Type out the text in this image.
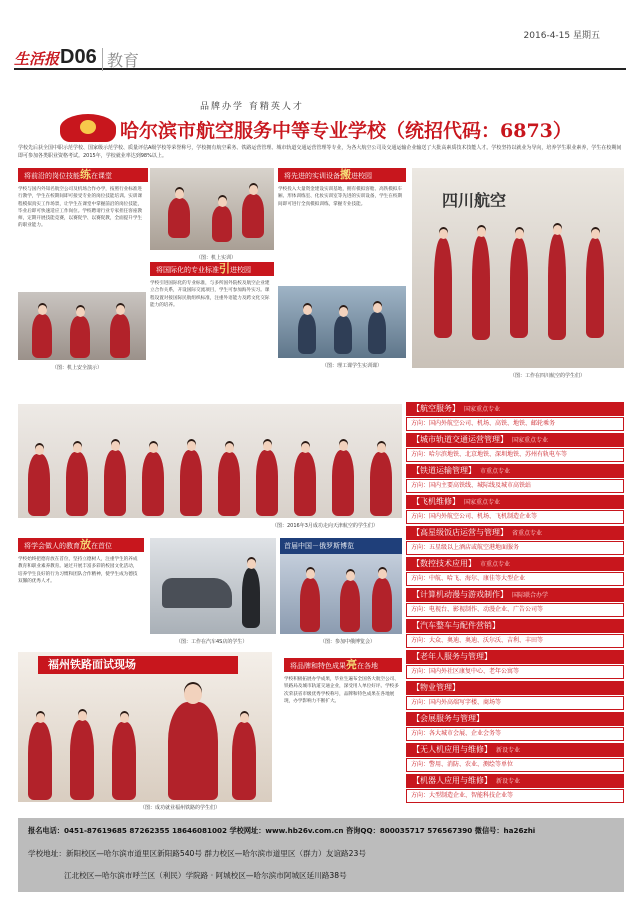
2016-4-15 星期五
生活报 D06 教育
品牌办学 育精英人才
哈尔滨市航空服务中等专业学校（统招代码：6873）
学校先后获全国中职示范学校、国家级示范学校、质量评估A级学校等荣誉称号，学校拥有航空乘务、铁路运营管理、城市轨道交通运营管理等专业，为各大航空公司及交通运输企业输送了大批高素质技术技能人才。学校坚持以就业为导向，培养学生职业素养，学生在校期间即可参加各类职业资格考试。2015年，学校就业率达到98%以上。
将前沿的岗位技能练在课堂
学校与国内外知名航空公司及机场合作办学，按照行业标准进行教学，学生在校期间即可接受专业的岗位技能培训。实训课程模拟真实工作场景，让学生在课堂中掌握前沿的岗位技能，毕业后即可快速适应工作岗位。学校聘请行业专家担任客座教师，定期开展技能竞赛，以赛促学、以赛促教，全面提升学生的职业能力。
（图：机上实训）
（图：机上安全演示）
将国际化的专业标准引进校园
学校引进国际化的专业标准，与多所国外院校及航空企业建立合作关系，开设国际交流项目，学生可参加海外实习。课程设置对接国际民航组织标准，注重外语能力及跨文化交际能力的培养。
将先进的实训设备搬进校园
学校投入大量资金建设实训基地，拥有模拟客舱、高铁模拟车厢、形体训练室、化妆实训室等先进的实训设备，学生在校期间即可进行全真模拟训练，掌握专业技能。
（图：理工课学生实训课）
四川航空
（图：工作在四川航空的学生们）
（图：2016年3月成功走向天津航空的学生们）
将学会做人的教育放在首位
学校始终把德育放在首位，坚持立德树人，注重学生的养成教育和职业素养教育。通过开展丰富多彩的校园文化活动，培养学生良好的行为习惯和团队合作精神，使学生成为德技双馨的优秀人才。
（图：工作在汽车4S店的学生）
首届中国－俄罗斯博览
（图：参加中俄博览会）
福州铁路面试现场
（图：成功就业福州铁路的学生们）
将品牌和特色成果亮在各地
学校积极拓展办学成果，毕业生遍布全国各大航空公司、铁路局及城市轨道交通企业，深受用人单位好评。学校多次荣获省市级优秀学校称号，品牌和特色成果在各地展现，办学影响力不断扩大。
【航空服务】 国家重点专业
方向：国内外航空公司、机场、高铁、地铁、邮轮乘务
【城市轨道交通运营管理】 国家重点专业
方向：哈尔滨地铁、北京地铁、深圳地铁、苏州有轨电车等
【铁道运输管理】 市重点专业
方向：国内主要高铁线、城际线及城市高铁站
【飞机维修】 国家重点专业
方向：国内外航空公司、机场、飞机制造企业等
【高星级饭店运营与管理】 省重点专业
方向：五星级以上酒店或航空港地面服务
【数控技术应用】 市重点专业
方向：中航、哈飞、海尔、康佳等大型企业
【计算机动漫与游戏制作】 国际联合办学
方向：电视台、影视制作、动漫企业、广告公司等
【汽车整车与配件营销】
方向：大众、奥迪、奥迪、沃尔沃、吉利、丰田等
【老年人服务与管理】
方向：国内外社区康复中心、老年公寓等
【物业管理】
方向：国内外高端写字楼、商场等
【会展服务与管理】
方向：各大城市会展、企业会务等
【无人机应用与维修】 新设专业
方向：警用、消防、农业、测绘等单位
【机器人应用与维修】 新设专业
方向：大型制造企业、智能科技企业等
报名电话：0451-87619685 87262355 18646081002 学校网址：www.hb26v.com.cn 咨询QQ：800035717 576567390 微信号：ha26zhi
学校地址：新阳校区—哈尔滨市道里区新阳路540号 群力校区—哈尔滨市道里区（群力）友谊路23号
江北校区—哈尔滨市呼兰区（利民）学院路 · 阿城校区—哈尔滨市阿城区延川路38号
